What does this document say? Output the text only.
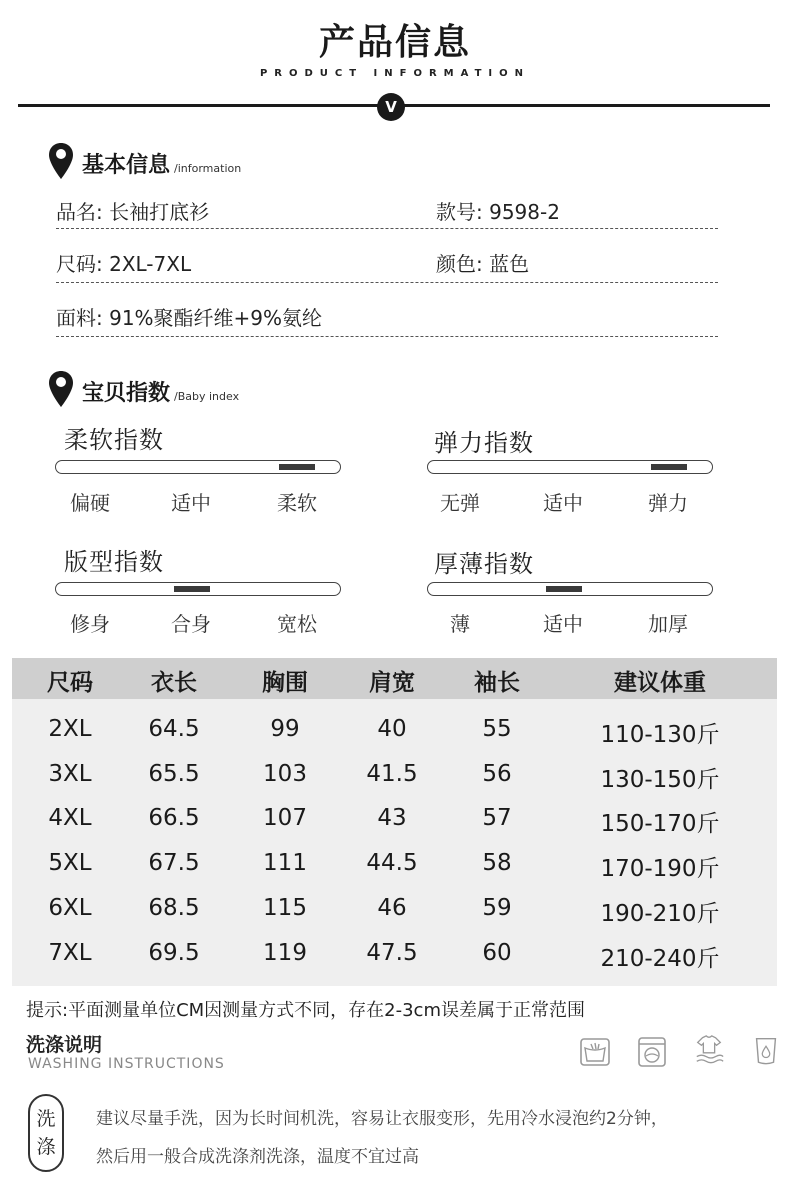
产品信息
PRODUCT INFORMATION
V
基本信息 /information
品名: 长袖打底衫	款号: 9598-2
尺码: 2XL-7XL	颜色: 蓝色
面料: 91%聚酯纤维+9%氨纶
宝贝指数 /Baby index
柔软指数
偏硬	适中	柔软
弹力指数
无弹	适中	弹力
版型指数
修身	合身	宽松
厚薄指数
薄	适中	加厚
尺码	衣长	胸围	肩宽	袖长	建议体重
2XL	64.5	99	40	55	110-130斤
3XL	65.5	103	41.5	56	130-150斤
4XL	66.5	107	43	57	150-170斤
5XL	67.5	111	44.5	58	170-190斤
6XL	68.5	115	46	59	190-210斤
7XL	69.5	119	47.5	60	210-240斤
提示:平面测量单位CM因测量方式不同，存在2-3cm误差属于正常范围
洗涤说明
WASHING INSTRUCTIONS
洗
涤
建议尽量手洗，因为长时间机洗，容易让衣服变形，先用冷水浸泡约2分钟，
然后用一般合成洗涤剂洗涤，温度不宜过高
